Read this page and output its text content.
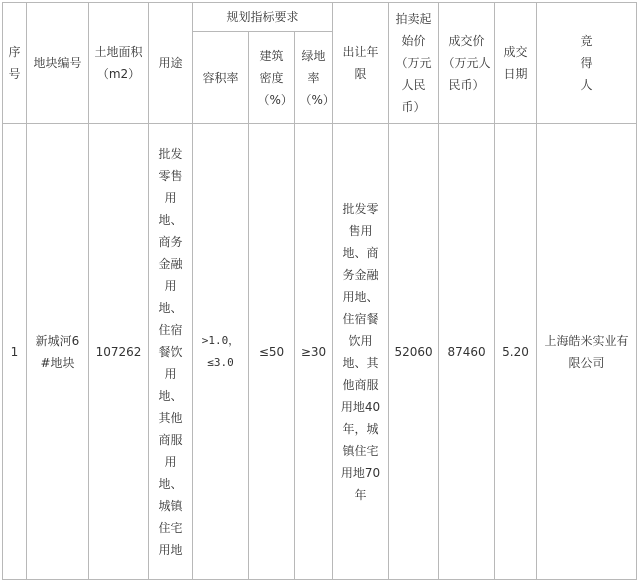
序号	地块编号	土地面积（m2）	用途	规划指标要求			出让年限	拍卖起始价（万元人民币）	成交价（万元人民币）	成交日期	竞得人

				容积率	建筑密度（%）	绿地率（%）					

1	新城河6#地块	107262	批发零售用地、商务金融用地、住宿餐饮用地、其他商服用地、城镇住宅用地	>1.0，≤3.0	≤50	≥30	批发零售用地、商务金融用地、住宿餐饮用地、其他商服用地40年，城镇住宅用地70年	52060	87460	5.20	上海皓米实业有限公司
